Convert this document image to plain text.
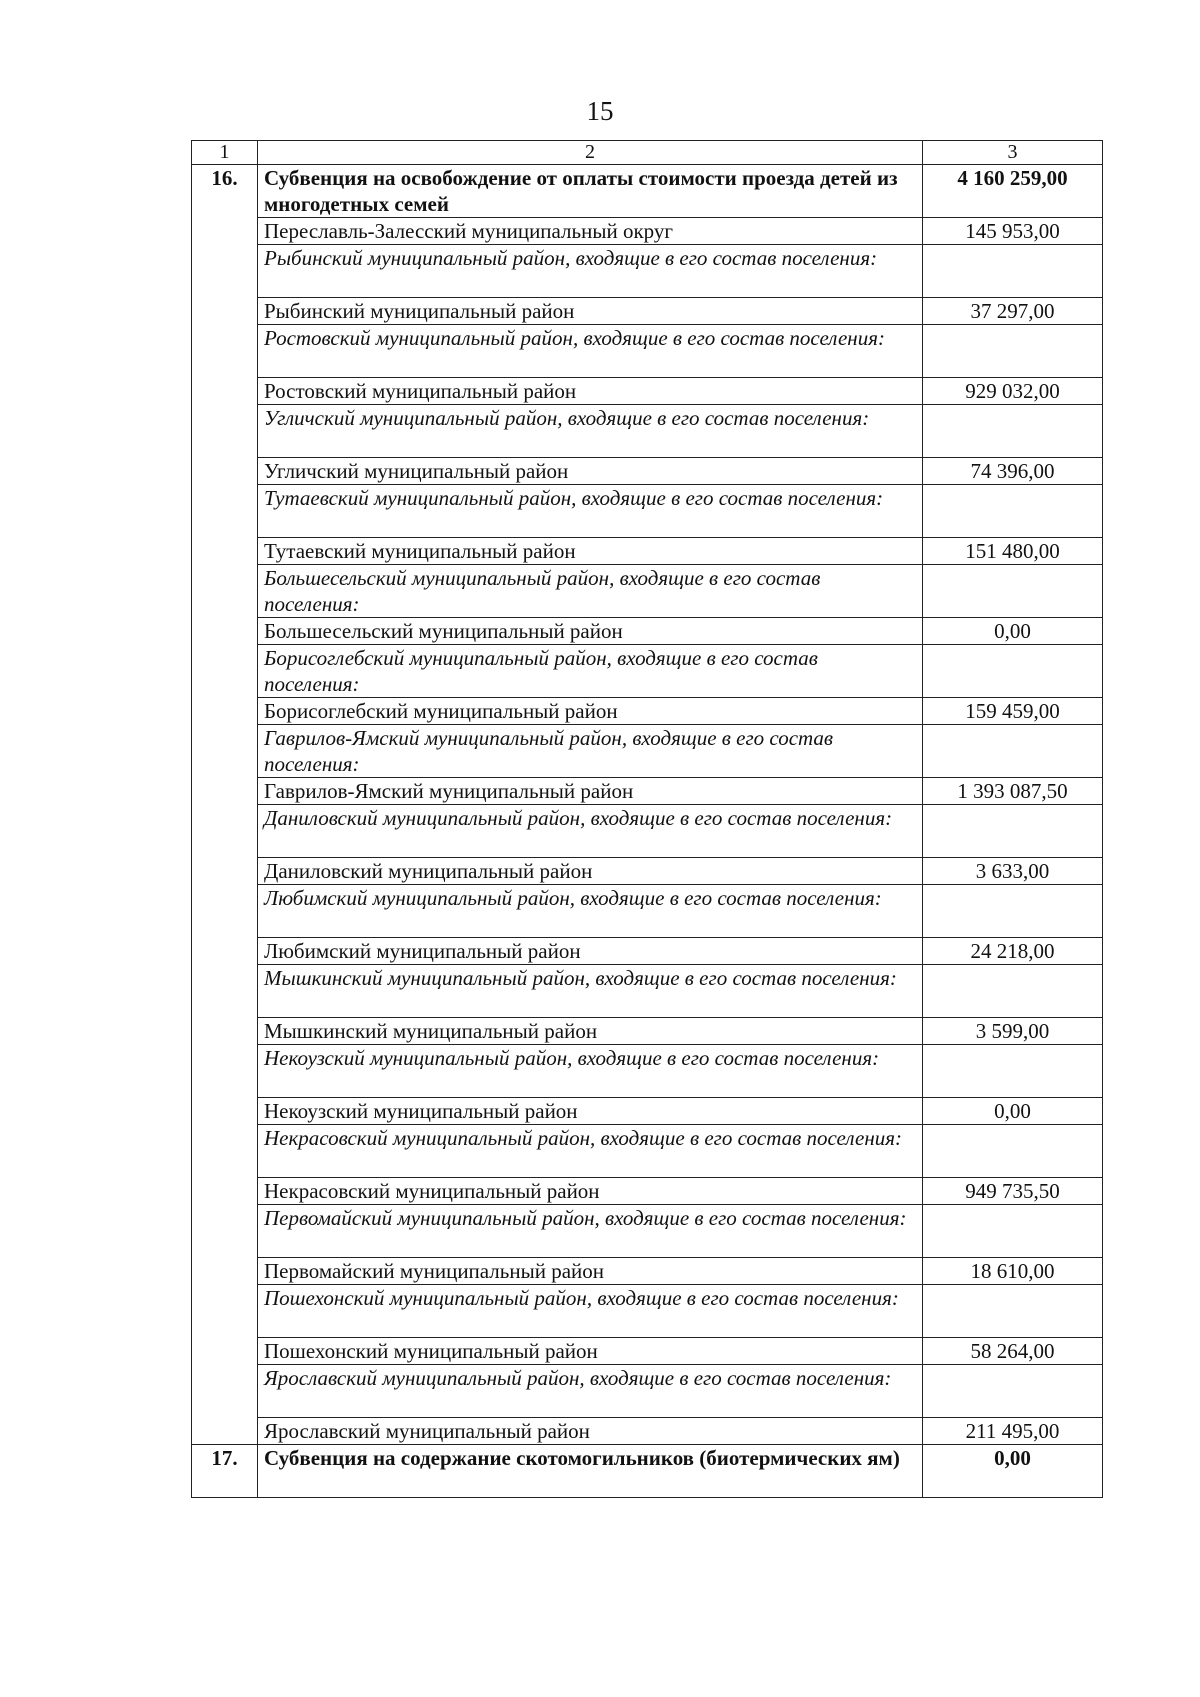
15
1	2	3
16.	Субвенция на освобождение от оплаты стоимости проезда детей из многодетных семей	4 160 259,00
	Переславль-Залесский муниципальный округ	145 953,00
	Рыбинский муниципальный район, входящие в его состав поселения:	
	Рыбинский муниципальный район	37 297,00
	Ростовский муниципальный район, входящие в его состав поселения:	
	Ростовский муниципальный район	929 032,00
	Угличский муниципальный район, входящие в его состав поселения:	
	Угличский муниципальный район	74 396,00
	Тутаевский муниципальный район, входящие в его состав поселения:	
	Тутаевский муниципальный район	151 480,00
	Большесельский муниципальный район, входящие в его состав поселения:	
	Большесельский муниципальный район	0,00
	Борисоглебский муниципальный район, входящие в его состав поселения:	
	Борисоглебский муниципальный район	159 459,00
	Гаврилов-Ямский муниципальный район, входящие в его состав поселения:	
	Гаврилов-Ямский муниципальный район	1 393 087,50
	Даниловский муниципальный район, входящие в его состав поселения:	
	Даниловский муниципальный район	3 633,00
	Любимский муниципальный район, входящие в его состав поселения:	
	Любимский муниципальный район	24 218,00
	Мышкинский муниципальный район, входящие в его состав поселения:	
	Мышкинский муниципальный район	3 599,00
	Некоузский муниципальный район, входящие в его состав поселения:	
	Некоузский муниципальный район	0,00
	Некрасовский муниципальный район, входящие в его состав поселения:	
	Некрасовский муниципальный район	949 735,50
	Первомайский муниципальный район, входящие в его состав поселения:	
	Первомайский муниципальный район	18 610,00
	Пошехонский муниципальный район, входящие в его состав поселения:	
	Пошехонский муниципальный район	58 264,00
	Ярославский муниципальный район, входящие в его состав поселения:	
	Ярославский муниципальный район	211 495,00
17.	Субвенция на содержание скотомогильников (биотермических ям)	0,00
